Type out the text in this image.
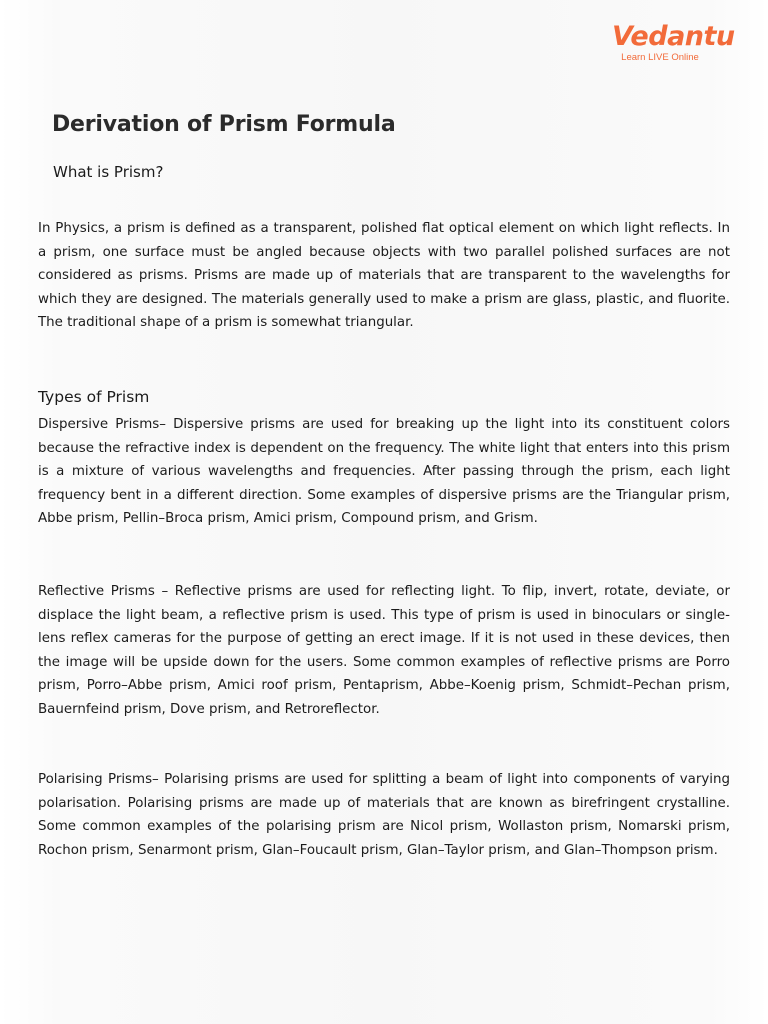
Vedantu
Learn LIVE Online
Derivation of Prism Formula
What is Prism?

In Physics, a prism is defined as a transparent, polished flat optical element on which light reflects. In a prism, one surface must be angled because objects with two parallel polished surfaces are not considered as prisms. Prisms are made up of materials that are transparent to the wavelengths for which they are designed. The materials generally used to make a prism are glass, plastic, and fluorite. The traditional shape of a prism is somewhat triangular.

Types of Prism

Dispersive Prisms– Dispersive prisms are used for breaking up the light into its constituent colors because the refractive index is dependent on the frequency. The white light that enters into this prism is a mixture of various wavelengths and frequencies. After passing through the prism, each light frequency bent in a different direction. Some examples of dispersive prisms are the Triangular prism, Abbe prism, Pellin–Broca prism, Amici prism, Compound prism, and Grism.

Reflective Prisms – Reflective prisms are used for reflecting light. To flip, invert, rotate, deviate, or displace the light beam, a reflective prism is used. This type of prism is used in binoculars or single-lens reflex cameras for the purpose of getting an erect image. If it is not used in these devices, then the image will be upside down for the users. Some common examples of reflective prisms are Porro prism, Porro–Abbe prism, Amici roof prism, Pentaprism, Abbe–Koenig prism, Schmidt–Pechan prism, Bauernfeind prism, Dove prism, and Retroreflector.

Polarising Prisms– Polarising prisms are used for splitting a beam of light into components of varying polarisation. Polarising prisms are made up of materials that are known as birefringent crystalline. Some common examples of the polarising prism are Nicol prism, Wollaston prism, Nomarski prism, Rochon prism, Senarmont prism, Glan–Foucault prism, Glan–Taylor prism, and Glan–Thompson prism.
